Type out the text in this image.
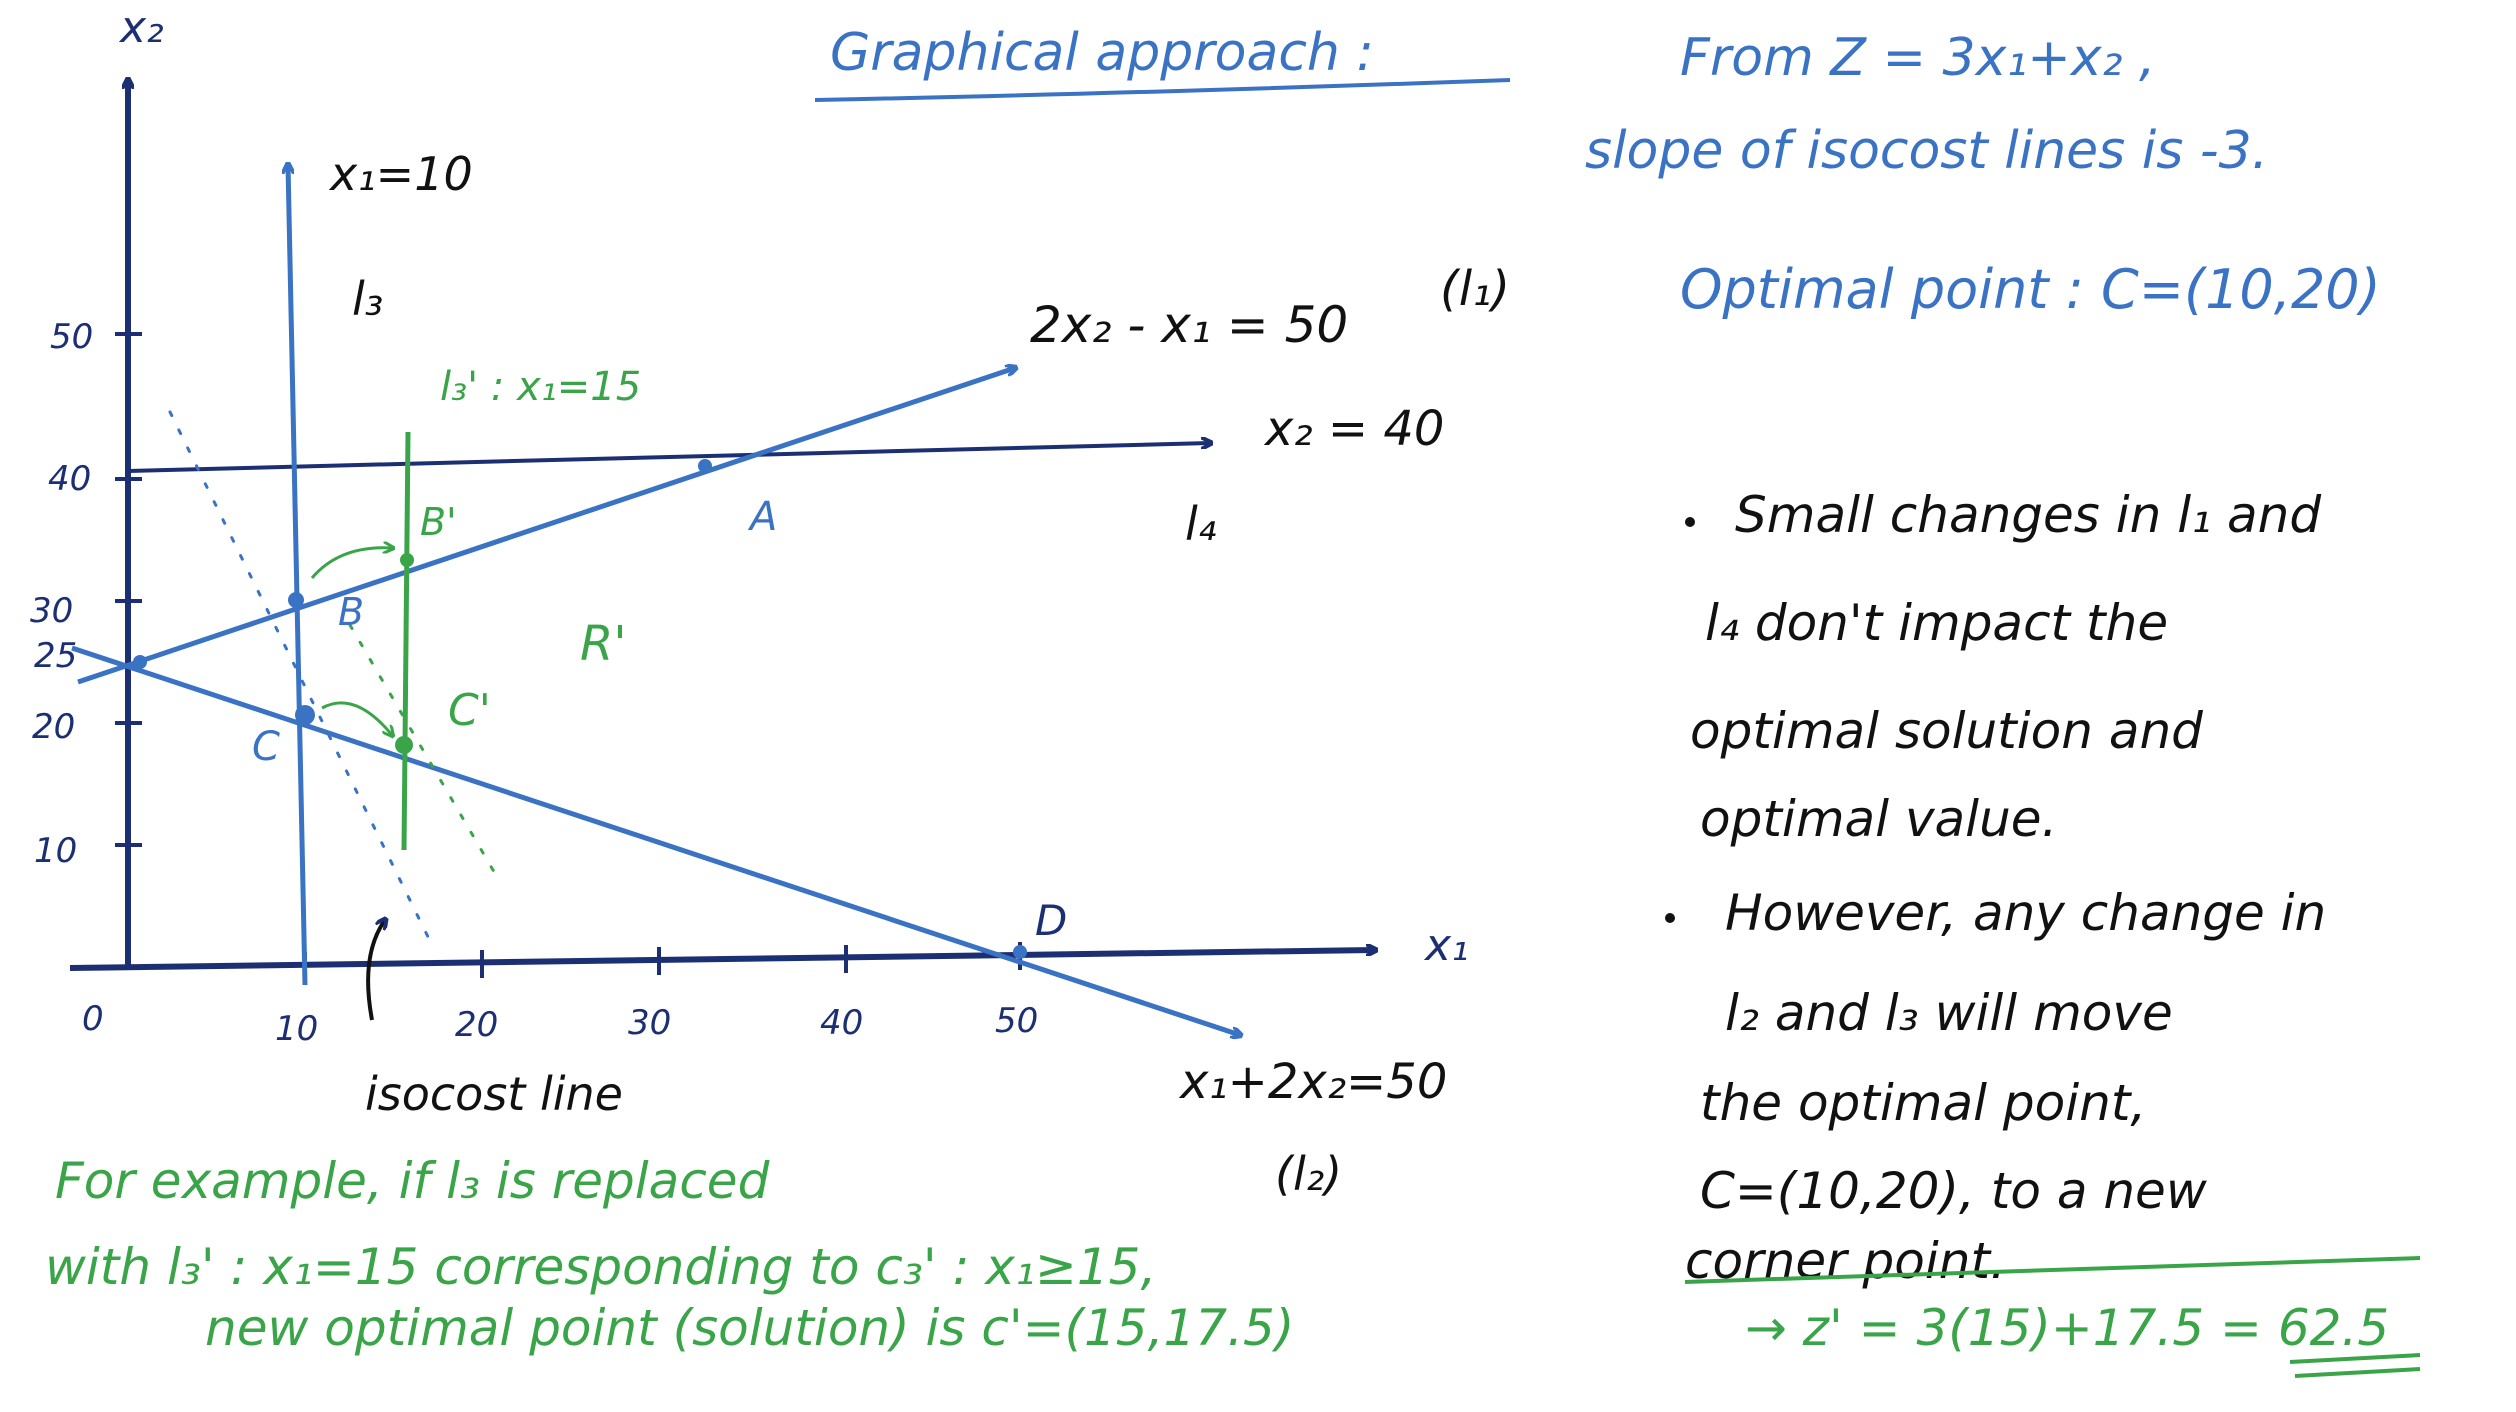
50
40
30
25
20
10
0	10	20	30	40	50
x₂
x₁
x₁=10
l₃	2x₂ - x₁ = 50
(l₁)
x₂ = 40
l₄
x₁+2x₂=50
(l₂)
l₃' : x₁=15
R'
isocost line
A
B
C
D
B'
C'
Graphical approach :	From Z = 3x₁+x₂ ,
slope of isocost lines is -3.
Optimal point : C=(10,20)
Small changes in l₁ and
l₄ don't impact the
optimal solution and
optimal value.
However, any change in
l₂ and l₃ will move
the optimal point,
C=(10,20), to a new
corner point.
For example, if l₃ is replaced
with l₃' : x₁=15 corresponding to c₃' : x₁≥15,
new optimal point (solution) is c'=(15,17.5)	→ z' = 3(15)+17.5 = 62.5
